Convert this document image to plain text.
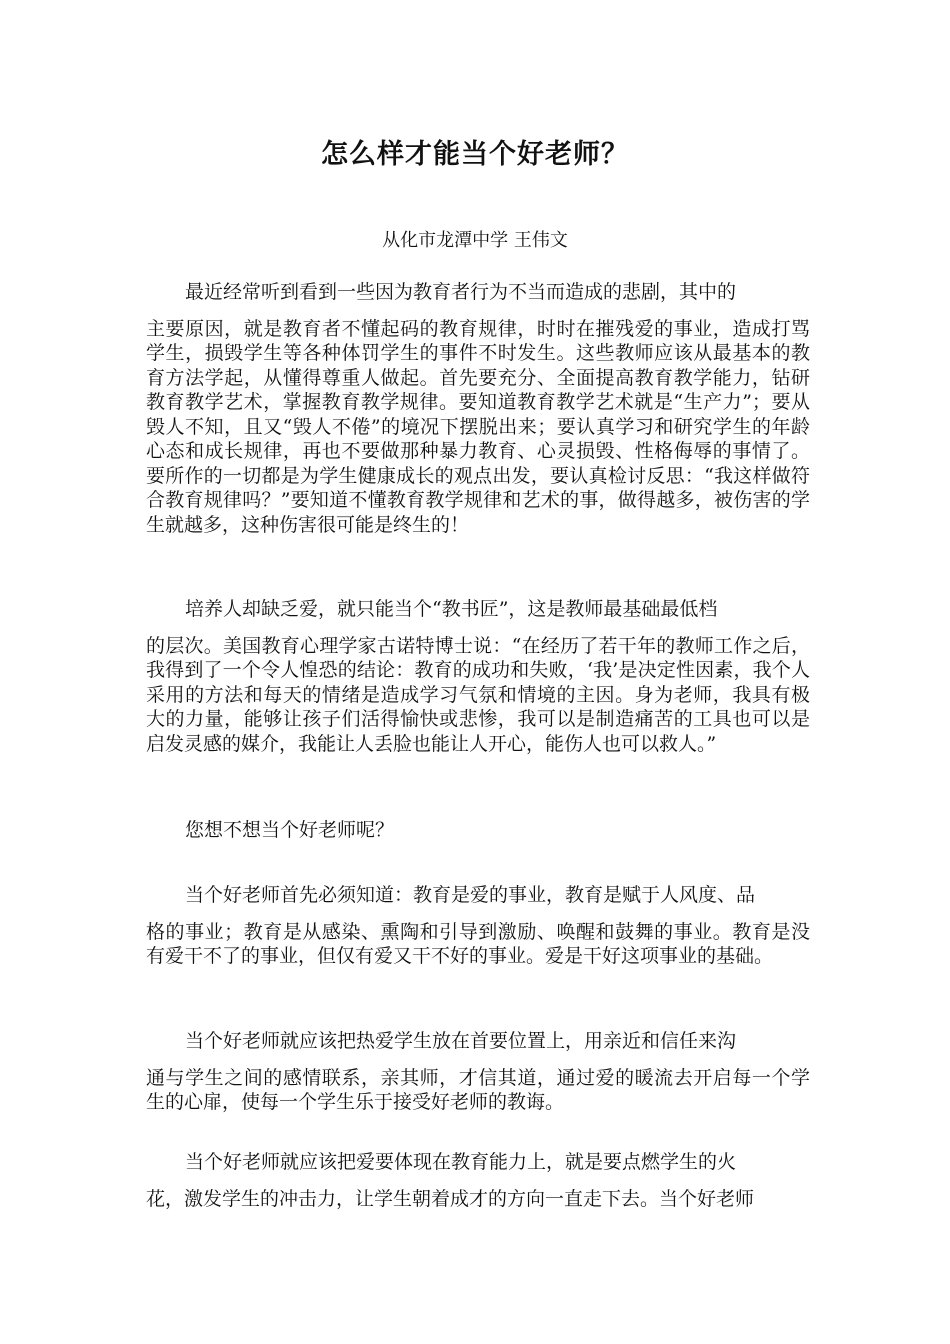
怎么样才能当个好老师？
从化市龙潭中学 王伟文

最近经常听到看到一些因为教育者行为不当而造成的悲剧，其中的
主要原因，就是教育者不懂起码的教育规律，时时在摧残爱的事业，造成打骂学生，损毁学生等各种体罚学生的事件不时发生。这些教师应该从最基本的教育方法学起，从懂得尊重人做起。首先要充分、全面提高教育教学能力，钻研教育教学艺术，掌握教育教学规律。要知道教育教学艺术就是“生产力”；要从毁人不知，且又“毁人不倦”的境况下摆脱出来；要认真学习和研究学生的年龄心态和成长规律，再也不要做那种暴力教育、心灵损毁、性格侮辱的事情了。要所作的一切都是为学生健康成长的观点出发，要认真检讨反思：“我这样做符合教育规律吗？”要知道不懂教育教学规律和艺术的事，做得越多，被伤害的学生就越多，这种伤害很可能是终生的！

培养人却缺乏爱，就只能当个“教书匠”，这是教师最基础最低档
的层次。美国教育心理学家古诺特博士说：“在经历了若干年的教师工作之后，我得到了一个令人惶恐的结论：教育的成功和失败，‘我’是决定性因素，我个人采用的方法和每天的情绪是造成学习气氛和情境的主因。身为老师，我具有极大的力量，能够让孩子们活得愉快或悲惨，我可以是制造痛苦的工具也可以是启发灵感的媒介，我能让人丢脸也能让人开心，能伤人也可以救人。”

您想不想当个好老师呢？

当个好老师首先必须知道：教育是爱的事业，教育是赋于人风度、品
格的事业；教育是从感染、熏陶和引导到激励、唤醒和鼓舞的事业。教育是没有爱干不了的事业，但仅有爱又干不好的事业。爱是干好这项事业的基础。

当个好老师就应该把热爱学生放在首要位置上，用亲近和信任来沟
通与学生之间的感情联系，亲其师，才信其道，通过爱的暖流去开启每一个学生的心扉，使每一个学生乐于接受好老师的教诲。

当个好老师就应该把爱要体现在教育能力上，就是要点燃学生的火
花，激发学生的冲击力，让学生朝着成才的方向一直走下去。当个好老师
